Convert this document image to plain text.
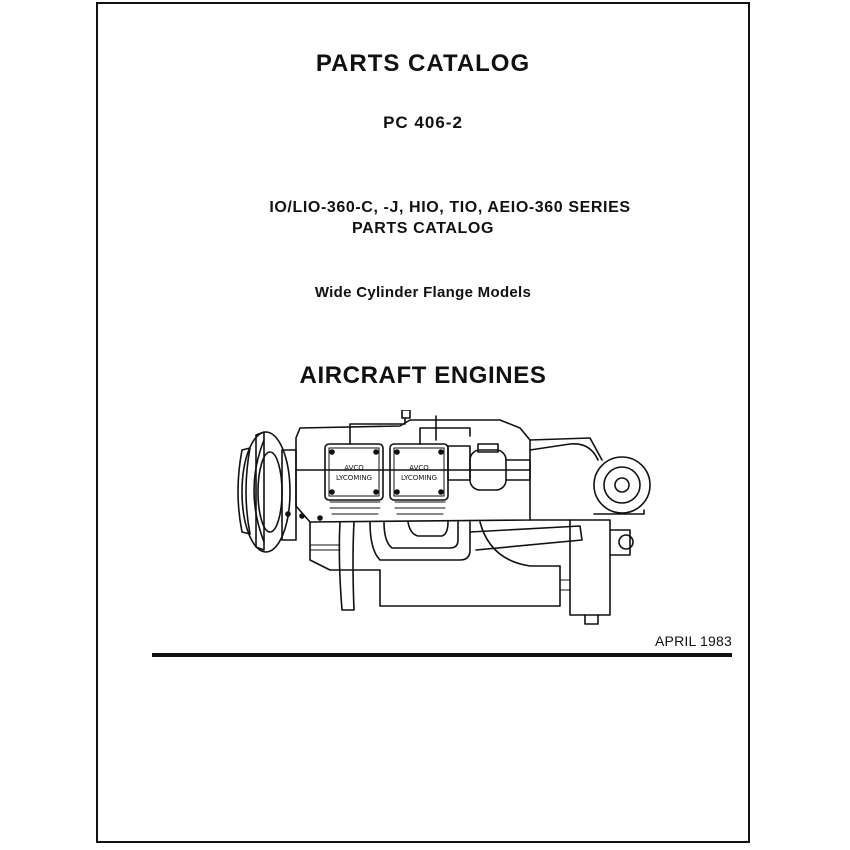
PARTS CATALOG
PC 406-2
IO/LIO-360-C, -J, HIO, TIO, AEIO-360 SERIES
PARTS CATALOG
Wide Cylinder Flange Models
AIRCRAFT ENGINES
AVCO
LYCOMING
AVCO
LYCOMING
APRIL 1983
